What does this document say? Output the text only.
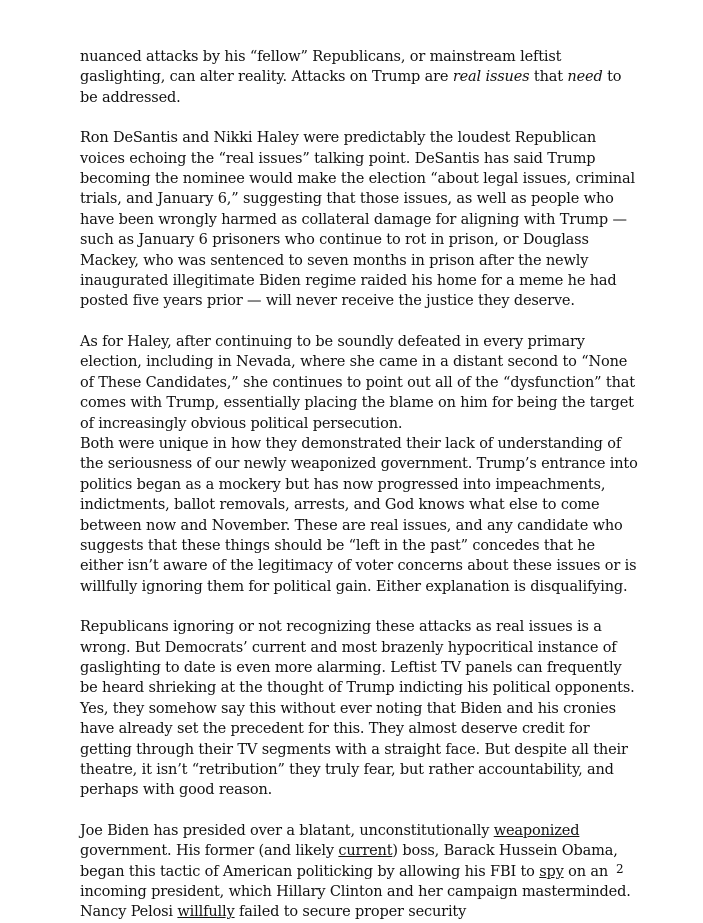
nuanced attacks by his “fellow” Republicans, or mainstream leftist gaslighting, can alter reality. Attacks on Trump are real issues that need to be addressed.

Ron DeSantis and Nikki Haley were predictably the loudest Republican voices echoing the “real issues” talking point. DeSantis has said Trump becoming the nominee would make the election “about legal issues, criminal trials, and January 6,” suggesting that those issues, as well as people who have been wrongly harmed as collateral damage for aligning with Trump — such as January 6 prisoners who continue to rot in prison, or Douglass Mackey, who was sentenced to seven months in prison after the newly inaugurated illegitimate Biden regime raided his home for a meme he had posted five years prior — will never receive the justice they deserve.

As for Haley, after continuing to be soundly defeated in every primary election, including in Nevada, where she came in a distant second to “None of These Candidates,” she continues to point out all of the “dysfunction” that comes with Trump, essentially placing the blame on him for being the target of increasingly obvious political persecution.

Both were unique in how they demonstrated their lack of understanding of the seriousness of our newly weaponized government. Trump’s entrance into politics began as a mockery but has now progressed into impeachments, indictments, ballot removals, arrests, and God knows what else to come between now and November. These are real issues, and any candidate who suggests that these things should be “left in the past” concedes that he either isn’t aware of the legitimacy of voter concerns about these issues or is willfully ignoring them for political gain. Either explanation is disqualifying.

Republicans ignoring or not recognizing these attacks as real issues is a wrong. But Democrats’ current and most brazenly hypocritical instance of gaslighting to date is even more alarming. Leftist TV panels can frequently be heard shrieking at the thought of Trump indicting his political opponents. Yes, they somehow say this without ever noting that Biden and his cronies have already set the precedent for this. They almost deserve credit for getting through their TV segments with a straight face. But despite all their theatre, it isn’t “retribution” they truly fear, but rather accountability, and perhaps with good reason.

Joe Biden has presided over a blatant, unconstitutionally weaponized government. His former (and likely current) boss, Barack Hussein Obama, began this tactic of American politicking by allowing his FBI to spy on an incoming president, which Hillary Clinton and her campaign masterminded. Nancy Pelosi willfully failed to secure proper security

2
